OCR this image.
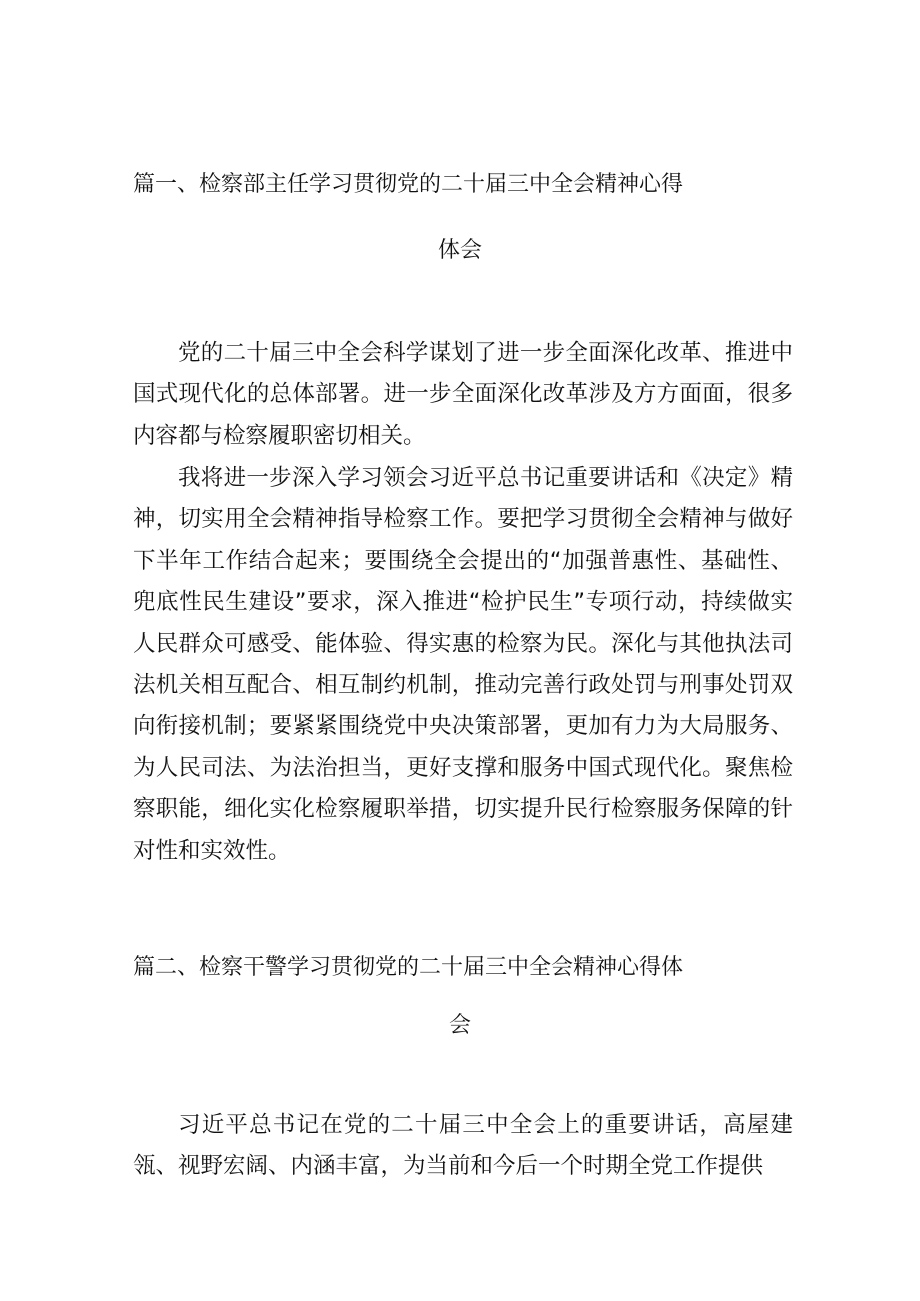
篇一、检察部主任学习贯彻党的二十届三中全会精神心得
体会

党的二十届三中全会科学谋划了进一步全面深化改革、推进中国式现代化的总体部署。进一步全面深化改革涉及方方面面，很多内容都与检察履职密切相关。

我将进一步深入学习领会习近平总书记重要讲话和《决定》精神，切实用全会精神指导检察工作。要把学习贯彻全会精神与做好下半年工作结合起来；要围绕全会提出的“加强普惠性、基础性、兜底性民生建设”要求，深入推进“检护民生”专项行动，持续做实人民群众可感受、能体验、得实惠的检察为民。深化与其他执法司法机关相互配合、相互制约机制，推动完善行政处罚与刑事处罚双向衔接机制；要紧紧围绕党中央决策部署，更加有力为大局服务、为人民司法、为法治担当，更好支撑和服务中国式现代化。聚焦检察职能，细化实化检察履职举措，切实提升民行检察服务保障的针对性和实效性。

篇二、检察干警学习贯彻党的二十届三中全会精神心得体
会

习近平总书记在党的二十届三中全会上的重要讲话，高屋建瓴、视野宏阔、内涵丰富，为当前和今后一个时期全党工作提供
